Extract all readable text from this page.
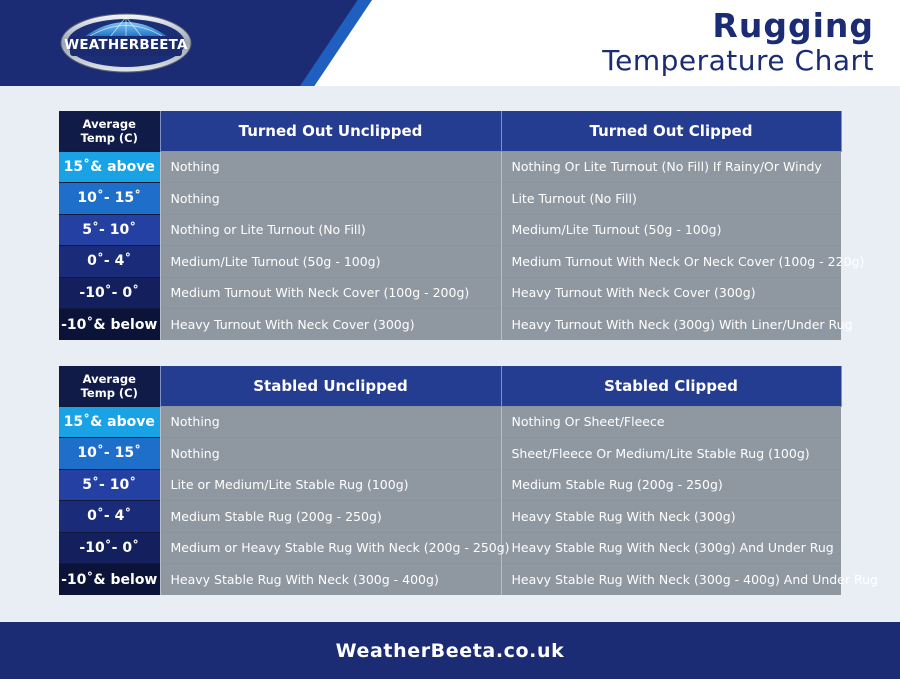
WEATHERBEETA	Rugging
Temperature Chart
Average
Temp (C)	Turned Out Unclipped	Turned Out Clipped
15˚& above	Nothing	Nothing Or Lite Turnout (No Fill) If Rainy/Or Windy
10˚- 15˚	Nothing	Lite Turnout (No Fill)
5˚- 10˚	Nothing or Lite Turnout (No Fill)	Medium/Lite Turnout (50g - 100g)
0˚- 4˚	Medium/Lite Turnout (50g - 100g)	Medium Turnout With Neck Or Neck Cover (100g - 220g)
-10˚- 0˚	Medium Turnout With Neck Cover (100g - 200g)	Heavy Turnout With Neck Cover (300g)
-10˚& below	Heavy Turnout With Neck Cover (300g)	Heavy Turnout With Neck (300g) With Liner/Under Rug
Average
Temp (C)	Stabled Unclipped	Stabled Clipped
15˚& above	Nothing	Nothing Or Sheet/Fleece
10˚- 15˚	Nothing	Sheet/Fleece Or Medium/Lite Stable Rug (100g)
5˚- 10˚	Lite or Medium/Lite Stable Rug (100g)	Medium Stable Rug (200g - 250g)
0˚- 4˚	Medium Stable Rug (200g - 250g)	Heavy Stable Rug With Neck (300g)
-10˚- 0˚	Medium or Heavy Stable Rug With Neck (200g - 250g)	Heavy Stable Rug With Neck (300g) And Under Rug
-10˚& below	Heavy Stable Rug With Neck (300g - 400g)	Heavy Stable Rug With Neck (300g - 400g) And Under Rug
WeatherBeeta.co.uk
